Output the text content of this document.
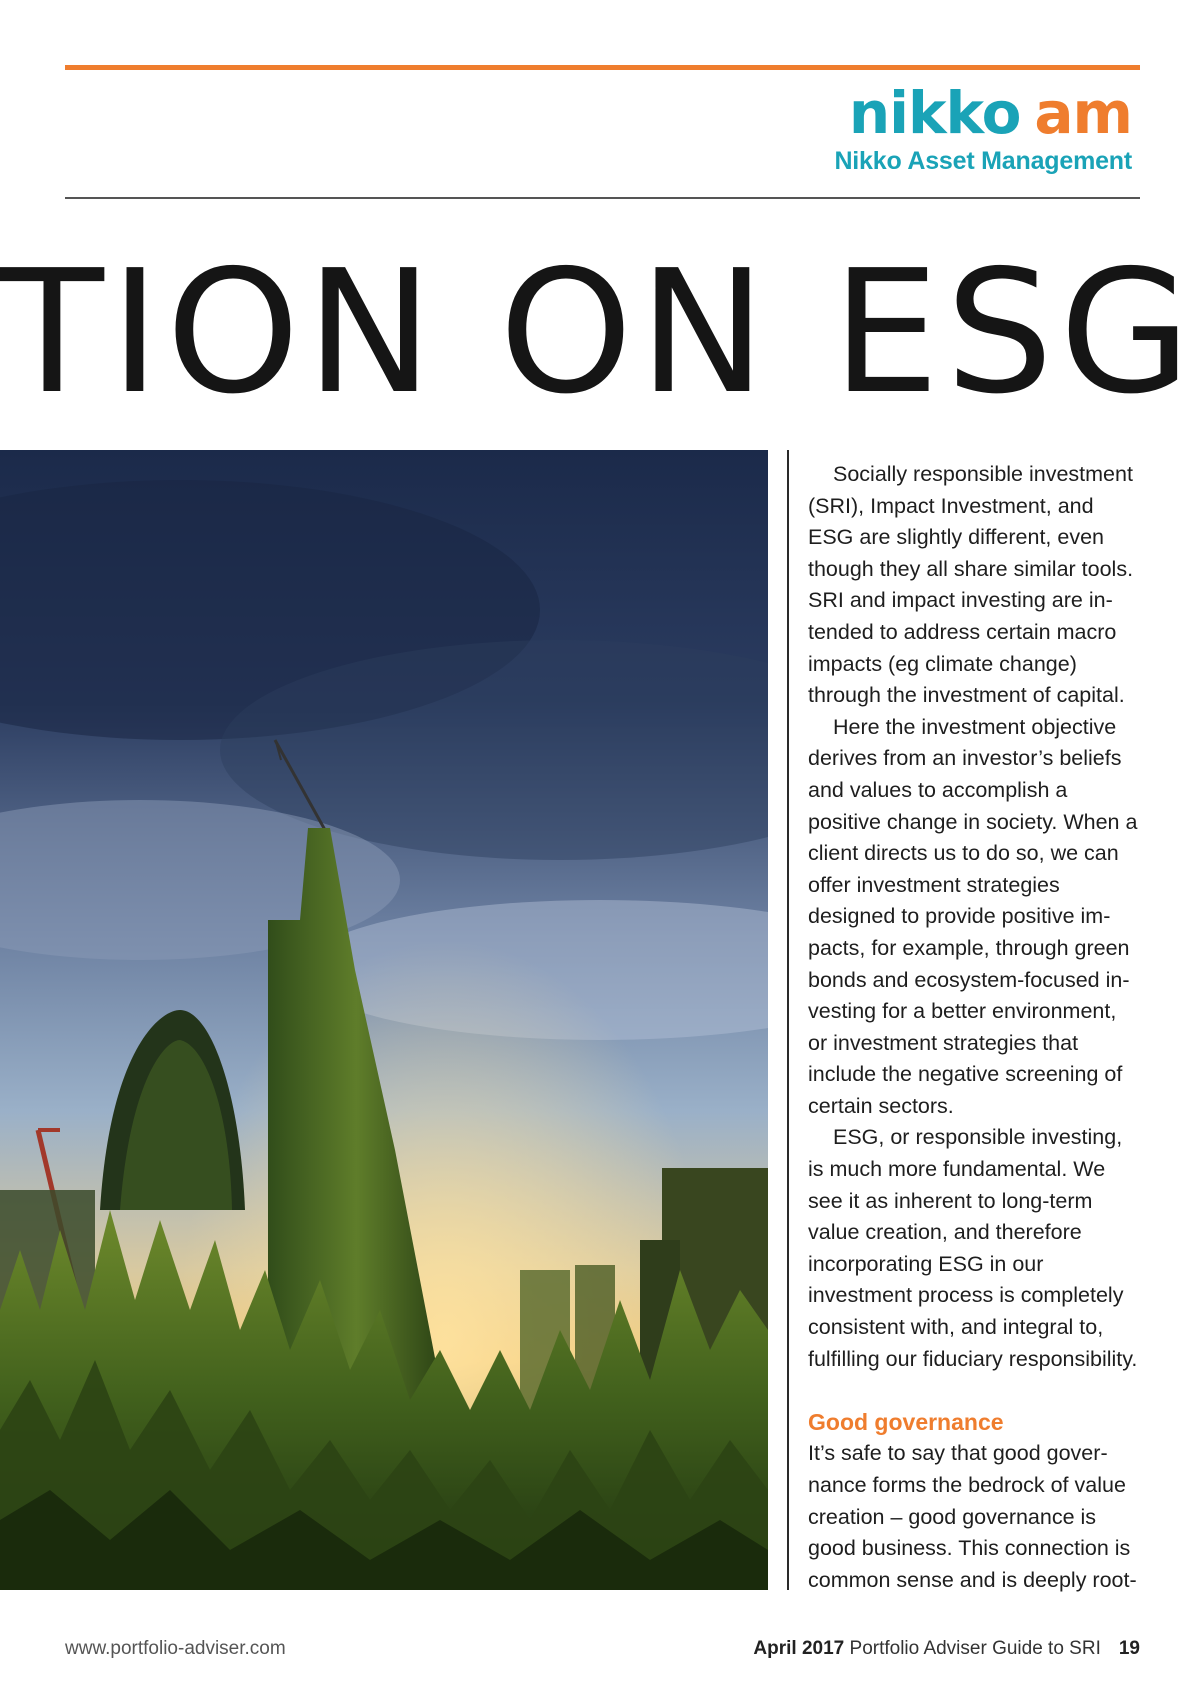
nikko am
Nikko Asset Management
TION ON ESG

Socially responsible investment (SRI), Impact Investment, and ESG are slightly different, even though they all share similar tools. SRI and impact investing are intended to address certain macro impacts (eg climate change) through the investment of capital.

Here the investment objective derives from an investor’s beliefs and values to accomplish a positive change in society. When a client directs us to do so, we can offer investment strategies designed to provide positive impacts, for example, through green bonds and ecosystem-focused investing for a better environment, or investment strategies that include the negative screening of certain sectors.

ESG, or responsible investing, is much more fundamental. We see it as inherent to long-term value creation, and therefore incorporating ESG in our investment process is completely consistent with, and integral to, fulfilling our fiduciary responsibility.

Good governance

It’s safe to say that good governance forms the bedrock of value creation – good governance is good business. This connection is common sense and is deeply root-

www.portfolio-adviser.com	April 2017 Portfolio Adviser Guide to SRI 19
